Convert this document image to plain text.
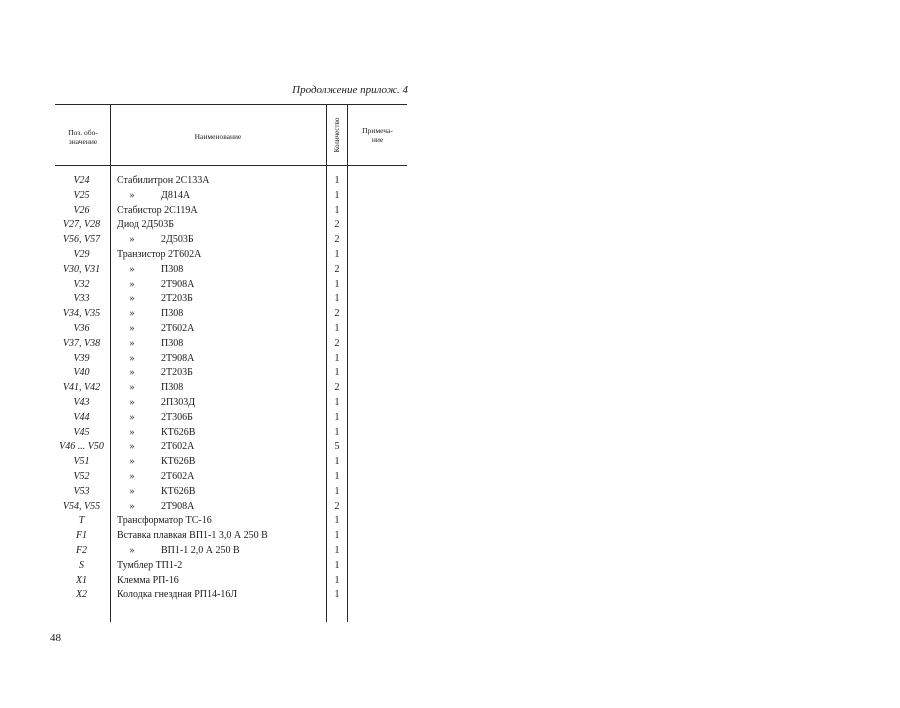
Продолжение прилож. 4
Поз. обо-
значение
Наименование	Количество	Примеча-
ние
V24	Стабилитрон 2С133А	1
V25	»	Д814А	1
V26	Стабистор 2С119А	1
V27, V28	Диод 2Д503Б	2
V56, V57	»	2Д503Б	2
V29	Транзистор 2Т602А	1
V30, V31	»	П308	2
V32	»	2Т908А	1
V33	»	2Т203Б	1
V34, V35	»	П308	2
V36	»	2Т602А	1
V37, V38	»	П308	2
V39	»	2Т908А	1
V40	»	2Т203Б	1
V41, V42	»	П308	2
V43	»	2П303Д	1
V44	»	2Т306Б	1
V45	»	КТ626В	1
V46 ... V50	»	2Т602А	5
V51	»	КТ626В	1
V52	»	2Т602А	1
V53	»	КТ626В	1
V54, V55	»	2Т908А	2
T	Трансформатор ТС-16	1
F1	Вставка плавкая ВП1-1 3,0 А 250 В	1
F2	»	ВП1-1 2,0 А 250 В	1
S	Тумблер ТП1-2	1
X1	Клемма РП-16	1
X2	Колодка гнездная РП14-16Л	1
48
